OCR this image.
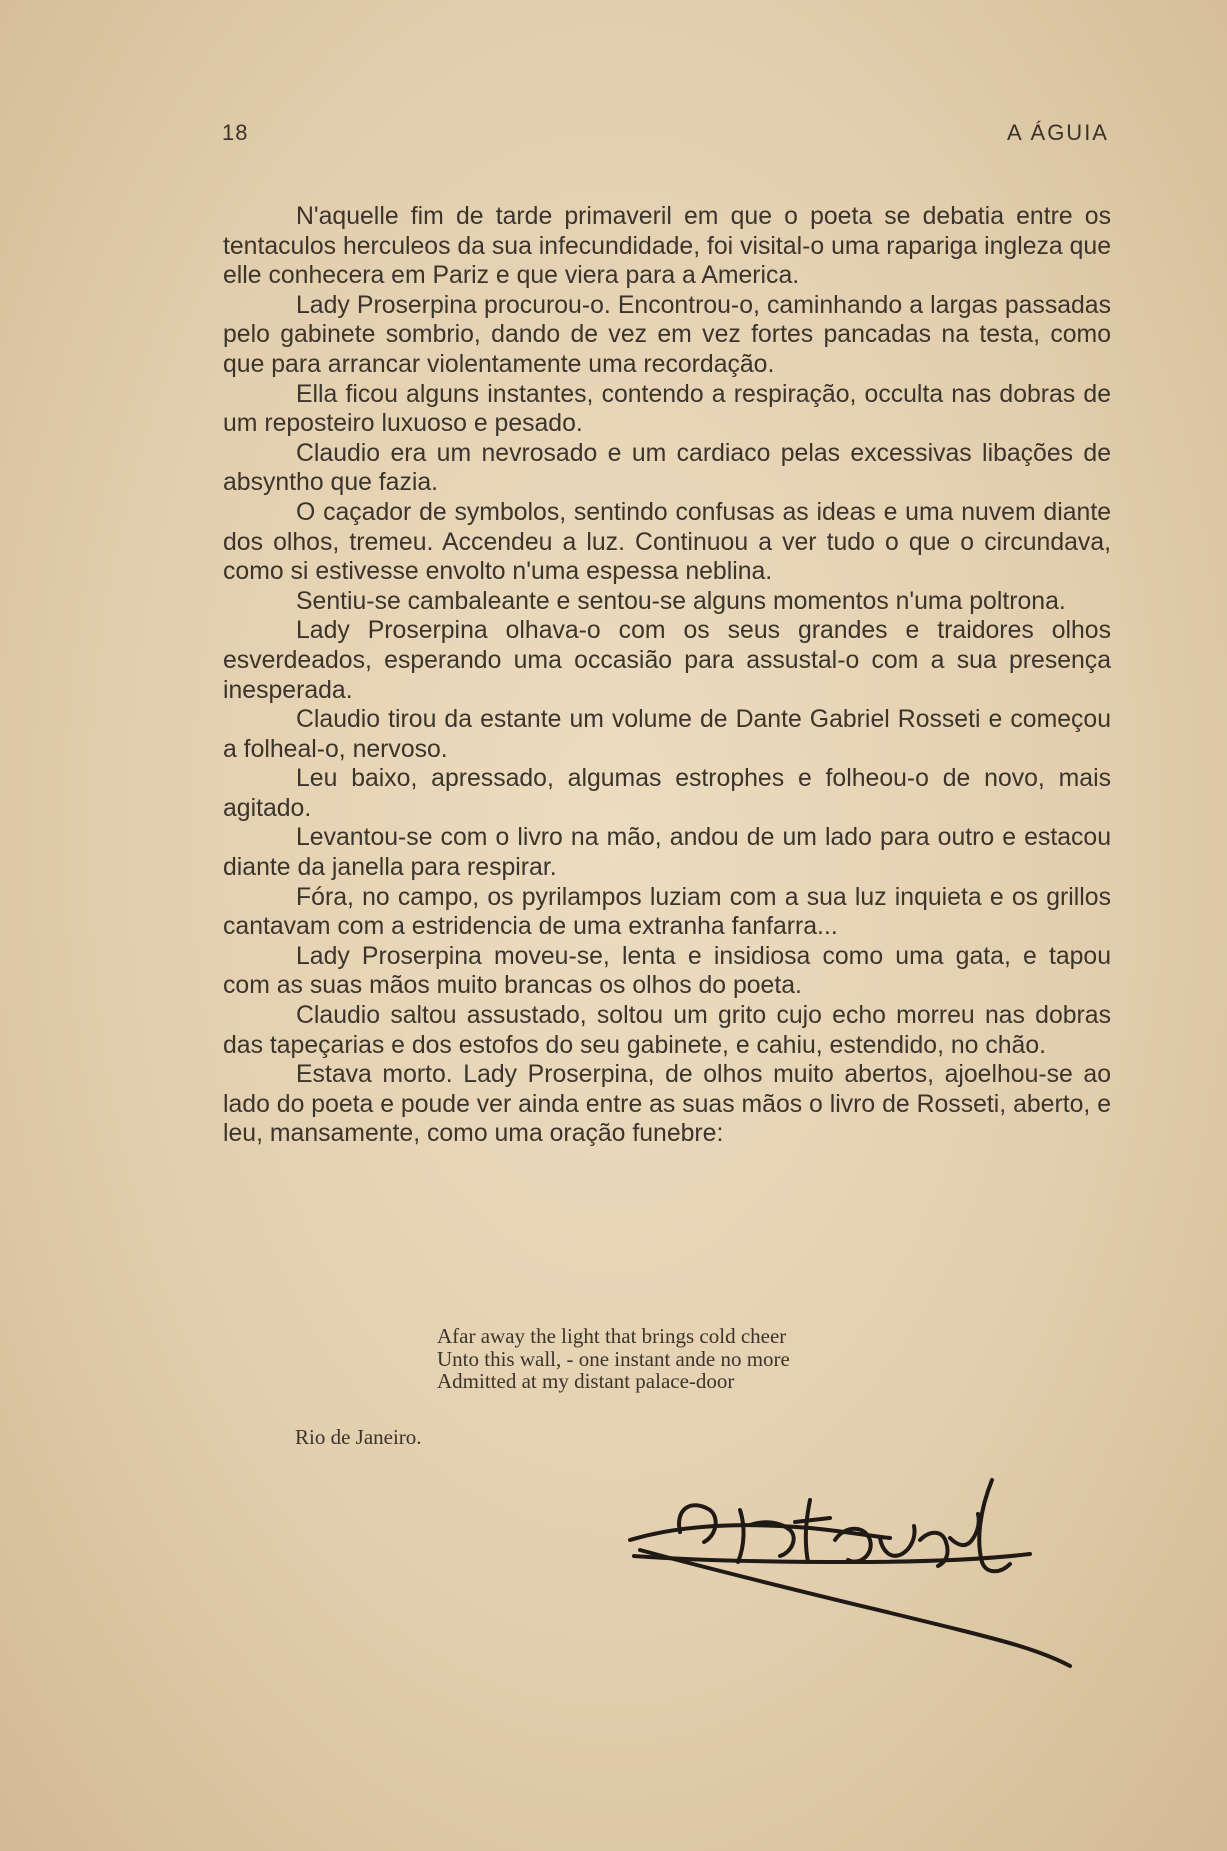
18	A ÁGUIA

N'aquelle fim de tarde primaveril em que o poeta se debatia entre os tentaculos herculeos da sua infecundidade, foi visital-o uma rapariga ingleza que elle conhecera em Pariz e que viera para a America.

Lady Proserpina procurou-o. Encontrou-o, caminhando a largas passadas pelo gabinete sombrio, dando de vez em vez fortes pancadas na testa, como que para arrancar violentamente uma recordação.

Ella ficou alguns instantes, contendo a respiração, occulta nas dobras de um reposteiro luxuoso e pesado.

Claudio era um nevrosado e um cardiaco pelas excessivas libações de absyntho que fazia.

O caçador de symbolos, sentindo confusas as ideas e uma nuvem diante dos olhos, tremeu. Accendeu a luz. Continuou a ver tudo o que o circundava, como si estivesse envolto n'uma espessa neblina.

Sentiu-se cambaleante e sentou-se alguns momentos n'uma poltrona.

Lady Proserpina olhava-o com os seus grandes e traidores olhos esverdeados, esperando uma occasião para assustal-o com a sua presença inesperada.

Claudio tirou da estante um volume de Dante Gabriel Rosseti e começou a folheal-o, nervoso.

Leu baixo, apressado, algumas estrophes e folheou-o de novo, mais agitado.

Levantou-se com o livro na mão, andou de um lado para outro e estacou diante da janella para respirar.

Fóra, no campo, os pyrilampos luziam com a sua luz inquieta e os grillos cantavam com a estridencia de uma extranha fanfarra...

Lady Proserpina moveu-se, lenta e insidiosa como uma gata, e tapou com as suas mãos muito brancas os olhos do poeta.

Claudio saltou assustado, soltou um grito cujo echo morreu nas dobras das tapeçarias e dos estofos do seu gabinete, e cahiu, estendido, no chão.

Estava morto. Lady Proserpina, de olhos muito abertos, ajoelhou-se ao lado do poeta e poude ver ainda entre as suas mãos o livro de Rosseti, aberto, e leu, mansamente, como uma oração funebre:

Afar away the light that brings cold cheer
Unto this wall, - one instant ande no more
Admitted at my distant palace-door
Rio de Janeiro.
